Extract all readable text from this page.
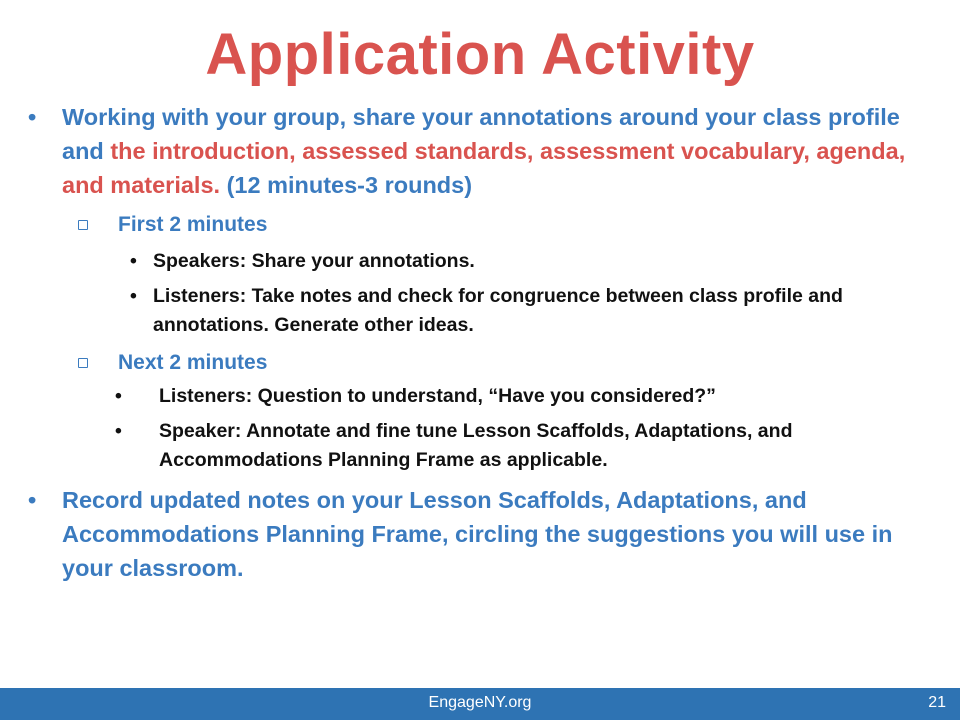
Application Activity
• Working with your group, share your annotations around your class profile and the introduction, assessed standards, assessment vocabulary, agenda, and materials. (12 minutes-3 rounds)
First 2 minutes
• Speakers: Share your annotations.
• Listeners: Take notes and check for congruence between class profile and annotations. Generate other ideas.
Next 2 minutes
• Listeners: Question to understand, “Have you considered?”
• Speaker: Annotate and fine tune Lesson Scaffolds, Adaptations, and Accommodations Planning Frame as applicable.
• Record updated notes on your Lesson Scaffolds, Adaptations, and Accommodations Planning Frame, circling the suggestions you will use in your classroom.
EngageNY.org	21
